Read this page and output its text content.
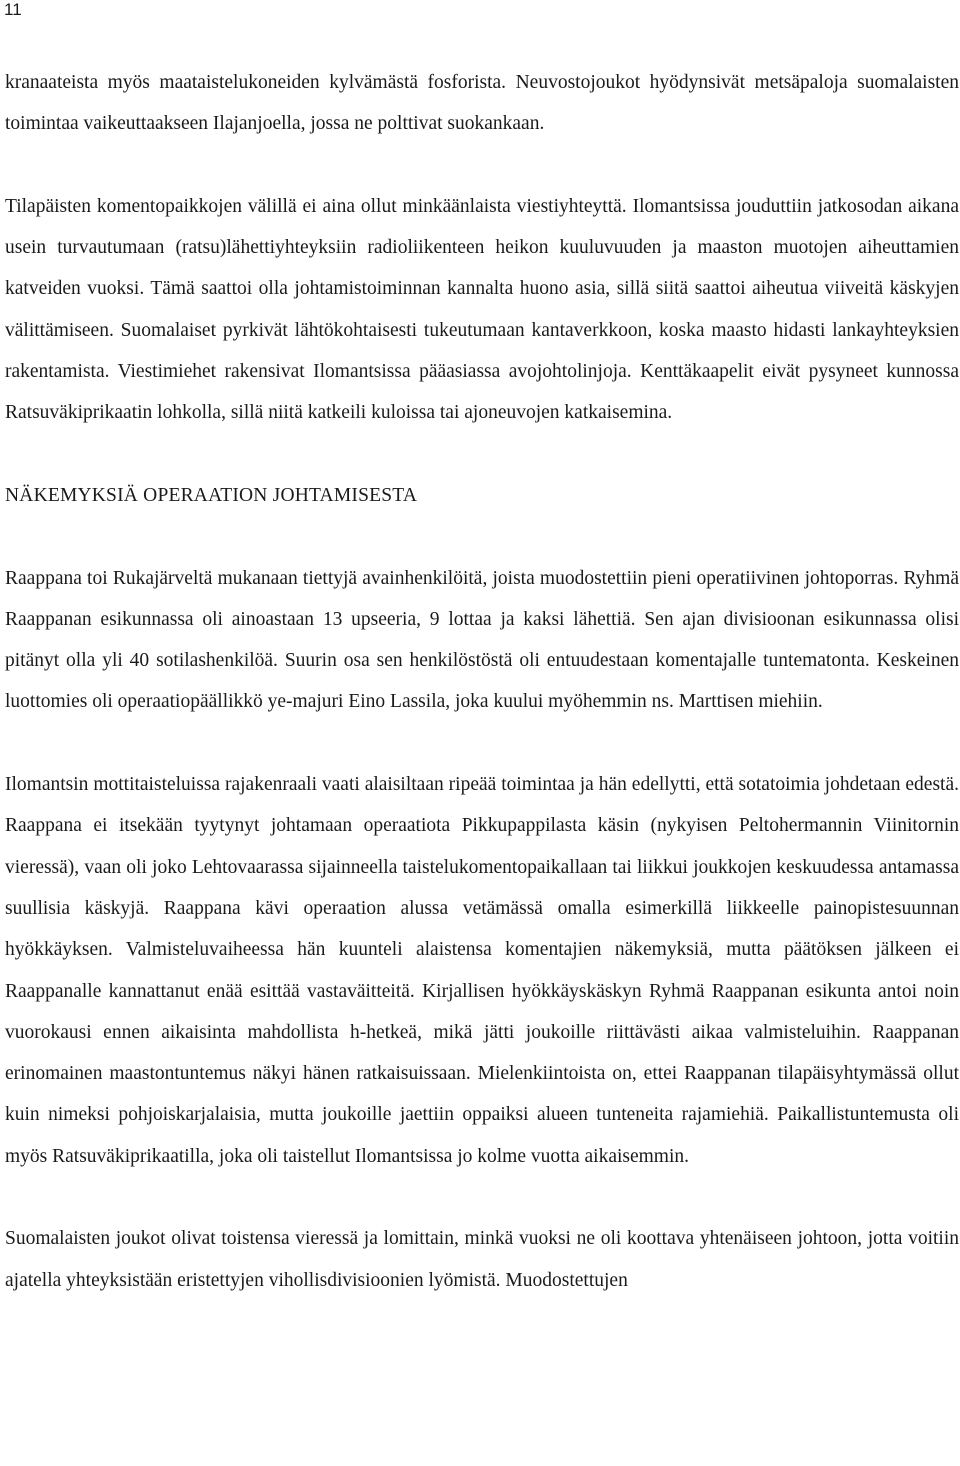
11

kranaateista myös maataistelukoneiden kylvämästä fosforista. Neuvostojoukot hyödynsivät metsäpaloja suomalaisten toimintaa vaikeuttaakseen Ilajanjoella, jossa ne polttivat suokankaan.

Tilapäisten komentopaikkojen välillä ei aina ollut minkäänlaista viestiyhteyttä. Ilomantsissa jouduttiin jatkosodan aikana usein turvautumaan (ratsu)lähettiyhteyksiin radioliikenteen heikon kuuluvuuden ja maaston muotojen aiheuttamien katveiden vuoksi. Tämä saattoi olla johtamistoiminnan kannalta huono asia, sillä siitä saattoi aiheutua viiveitä käskyjen välittämiseen. Suomalaiset pyrkivät lähtökohtaisesti tukeutumaan kantaverkkoon, koska maasto hidasti lankayhteyksien rakentamista. Viestimiehet rakensivat Ilomantsissa pääasiassa avojohtolinjoja. Kenttäkaapelit eivät pysyneet kunnossa Ratsuväkiprikaatin lohkolla, sillä niitä katkeili kuloissa tai ajoneuvojen katkaisemina.

NÄKEMYKSIÄ OPERAATION JOHTAMISESTA

Raappana toi Rukajärveltä mukanaan tiettyjä avainhenkilöitä, joista muodostettiin pieni operatiivinen johtoporras. Ryhmä Raappanan esikunnassa oli ainoastaan 13 upseeria, 9 lottaa ja kaksi lähettiä. Sen ajan divisioonan esikunnassa olisi pitänyt olla yli 40 sotilashenkilöä. Suurin osa sen henkilöstöstä oli entuudestaan komentajalle tuntematonta. Keskeinen luottomies oli operaatiopäällikkö ye-majuri Eino Lassila, joka kuului myöhemmin ns. Marttisen miehiin.

Ilomantsin mottitaisteluissa rajakenraali vaati alaisiltaan ripeää toimintaa ja hän edellytti, että sotatoimia johdetaan edestä. Raappana ei itsekään tyytynyt johtamaan operaatiota Pikkupappilasta käsin (nykyisen Peltohermannin Viinitornin vieressä), vaan oli joko Lehtovaarassa sijainneella taistelukomentopaikallaan tai liikkui joukkojen keskuudessa antamassa suullisia käskyjä. Raappana kävi operaation alussa vetämässä omalla esimerkillä liikkeelle painopistesuunnan hyökkäyksen. Valmisteluvaiheessa hän kuunteli alaistensa komentajien näkemyksiä, mutta päätöksen jälkeen ei Raappanalle kannattanut enää esittää vastaväitteitä. Kirjallisen hyökkäyskäskyn Ryhmä Raappanan esikunta antoi noin vuorokausi ennen aikaisinta mahdollista h-hetkeä, mikä jätti joukoille riittävästi aikaa valmisteluihin. Raappanan erinomainen maastontuntemus näkyi hänen ratkaisuissaan. Mielenkiintoista on, ettei Raappanan tilapäisyhtymässä ollut kuin nimeksi pohjoiskarjalaisia, mutta joukoille jaettiin oppaiksi alueen tunteneita rajamiehiä. Paikallistuntemusta oli myös Ratsuväkiprikaatilla, joka oli taistellut Ilomantsissa jo kolme vuotta aikaisemmin.

Suomalaisten joukot olivat toistensa vieressä ja lomittain, minkä vuoksi ne oli koottava yhtenäiseen johtoon, jotta voitiin ajatella yhteyksistään eristettyjen vihollisdivisioonien lyömistä. Muodostettujen
